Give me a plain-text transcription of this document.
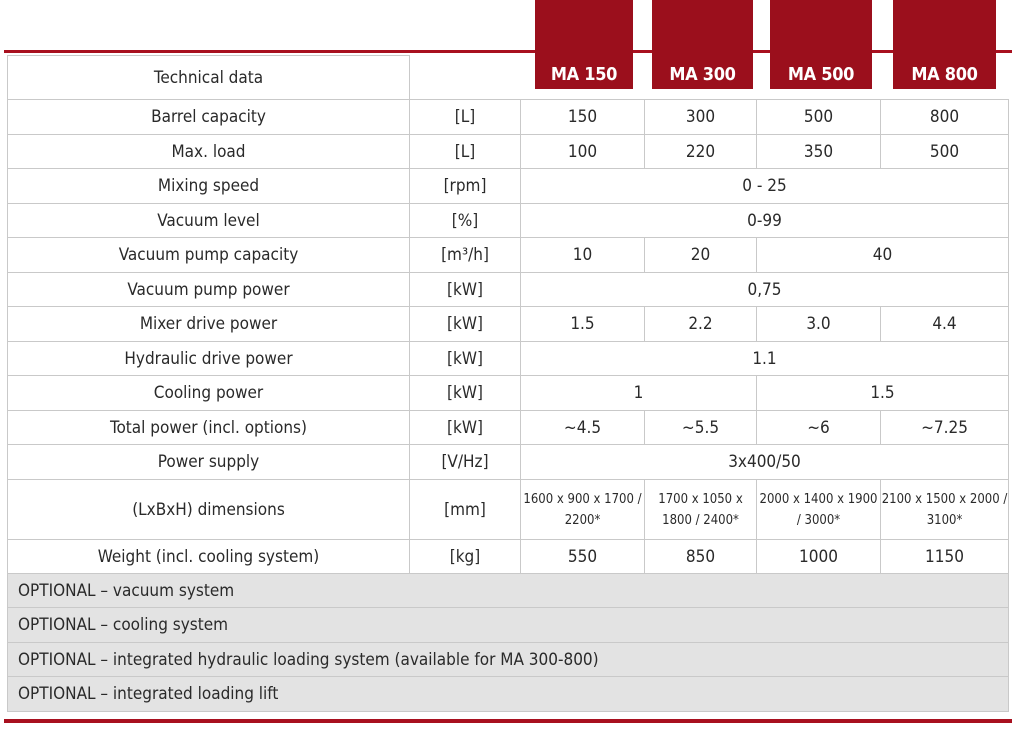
MA 150	MA 300	MA 500	MA 800
Technical data					
Barrel capacity	[L]	150	300	500	800
Max. load	[L]	100	220	350	500
Mixing speed	[rpm]	0 - 25			
Vacuum level	[%]	0-99			
Vacuum pump capacity	[m³/h]	10	20	40	
Vacuum pump power	[kW]	0,75			
Mixer drive power	[kW]	1.5	2.2	3.0	4.4
Hydraulic drive power	[kW]	1.1			
Cooling power	[kW]	1		1.5	
Total power (incl. options)	[kW]	~4.5	~5.5	~6	~7.25
Power supply	[V/Hz]	3x400/50			
(LxBxH) dimensions	[mm]	1600 x 900 x 1700 / 2200*	1700 x 1050 x 1800 / 2400*	2000 x 1400 x 1900 / 3000*	2100 x 1500 x 2000 / 3100*
Weight (incl. cooling system)	[kg]	550	850	1000	1150
OPTIONAL – vacuum system					
OPTIONAL – cooling system					
OPTIONAL – integrated hydraulic loading system (available for MA 300-800)					
OPTIONAL – integrated loading lift					
